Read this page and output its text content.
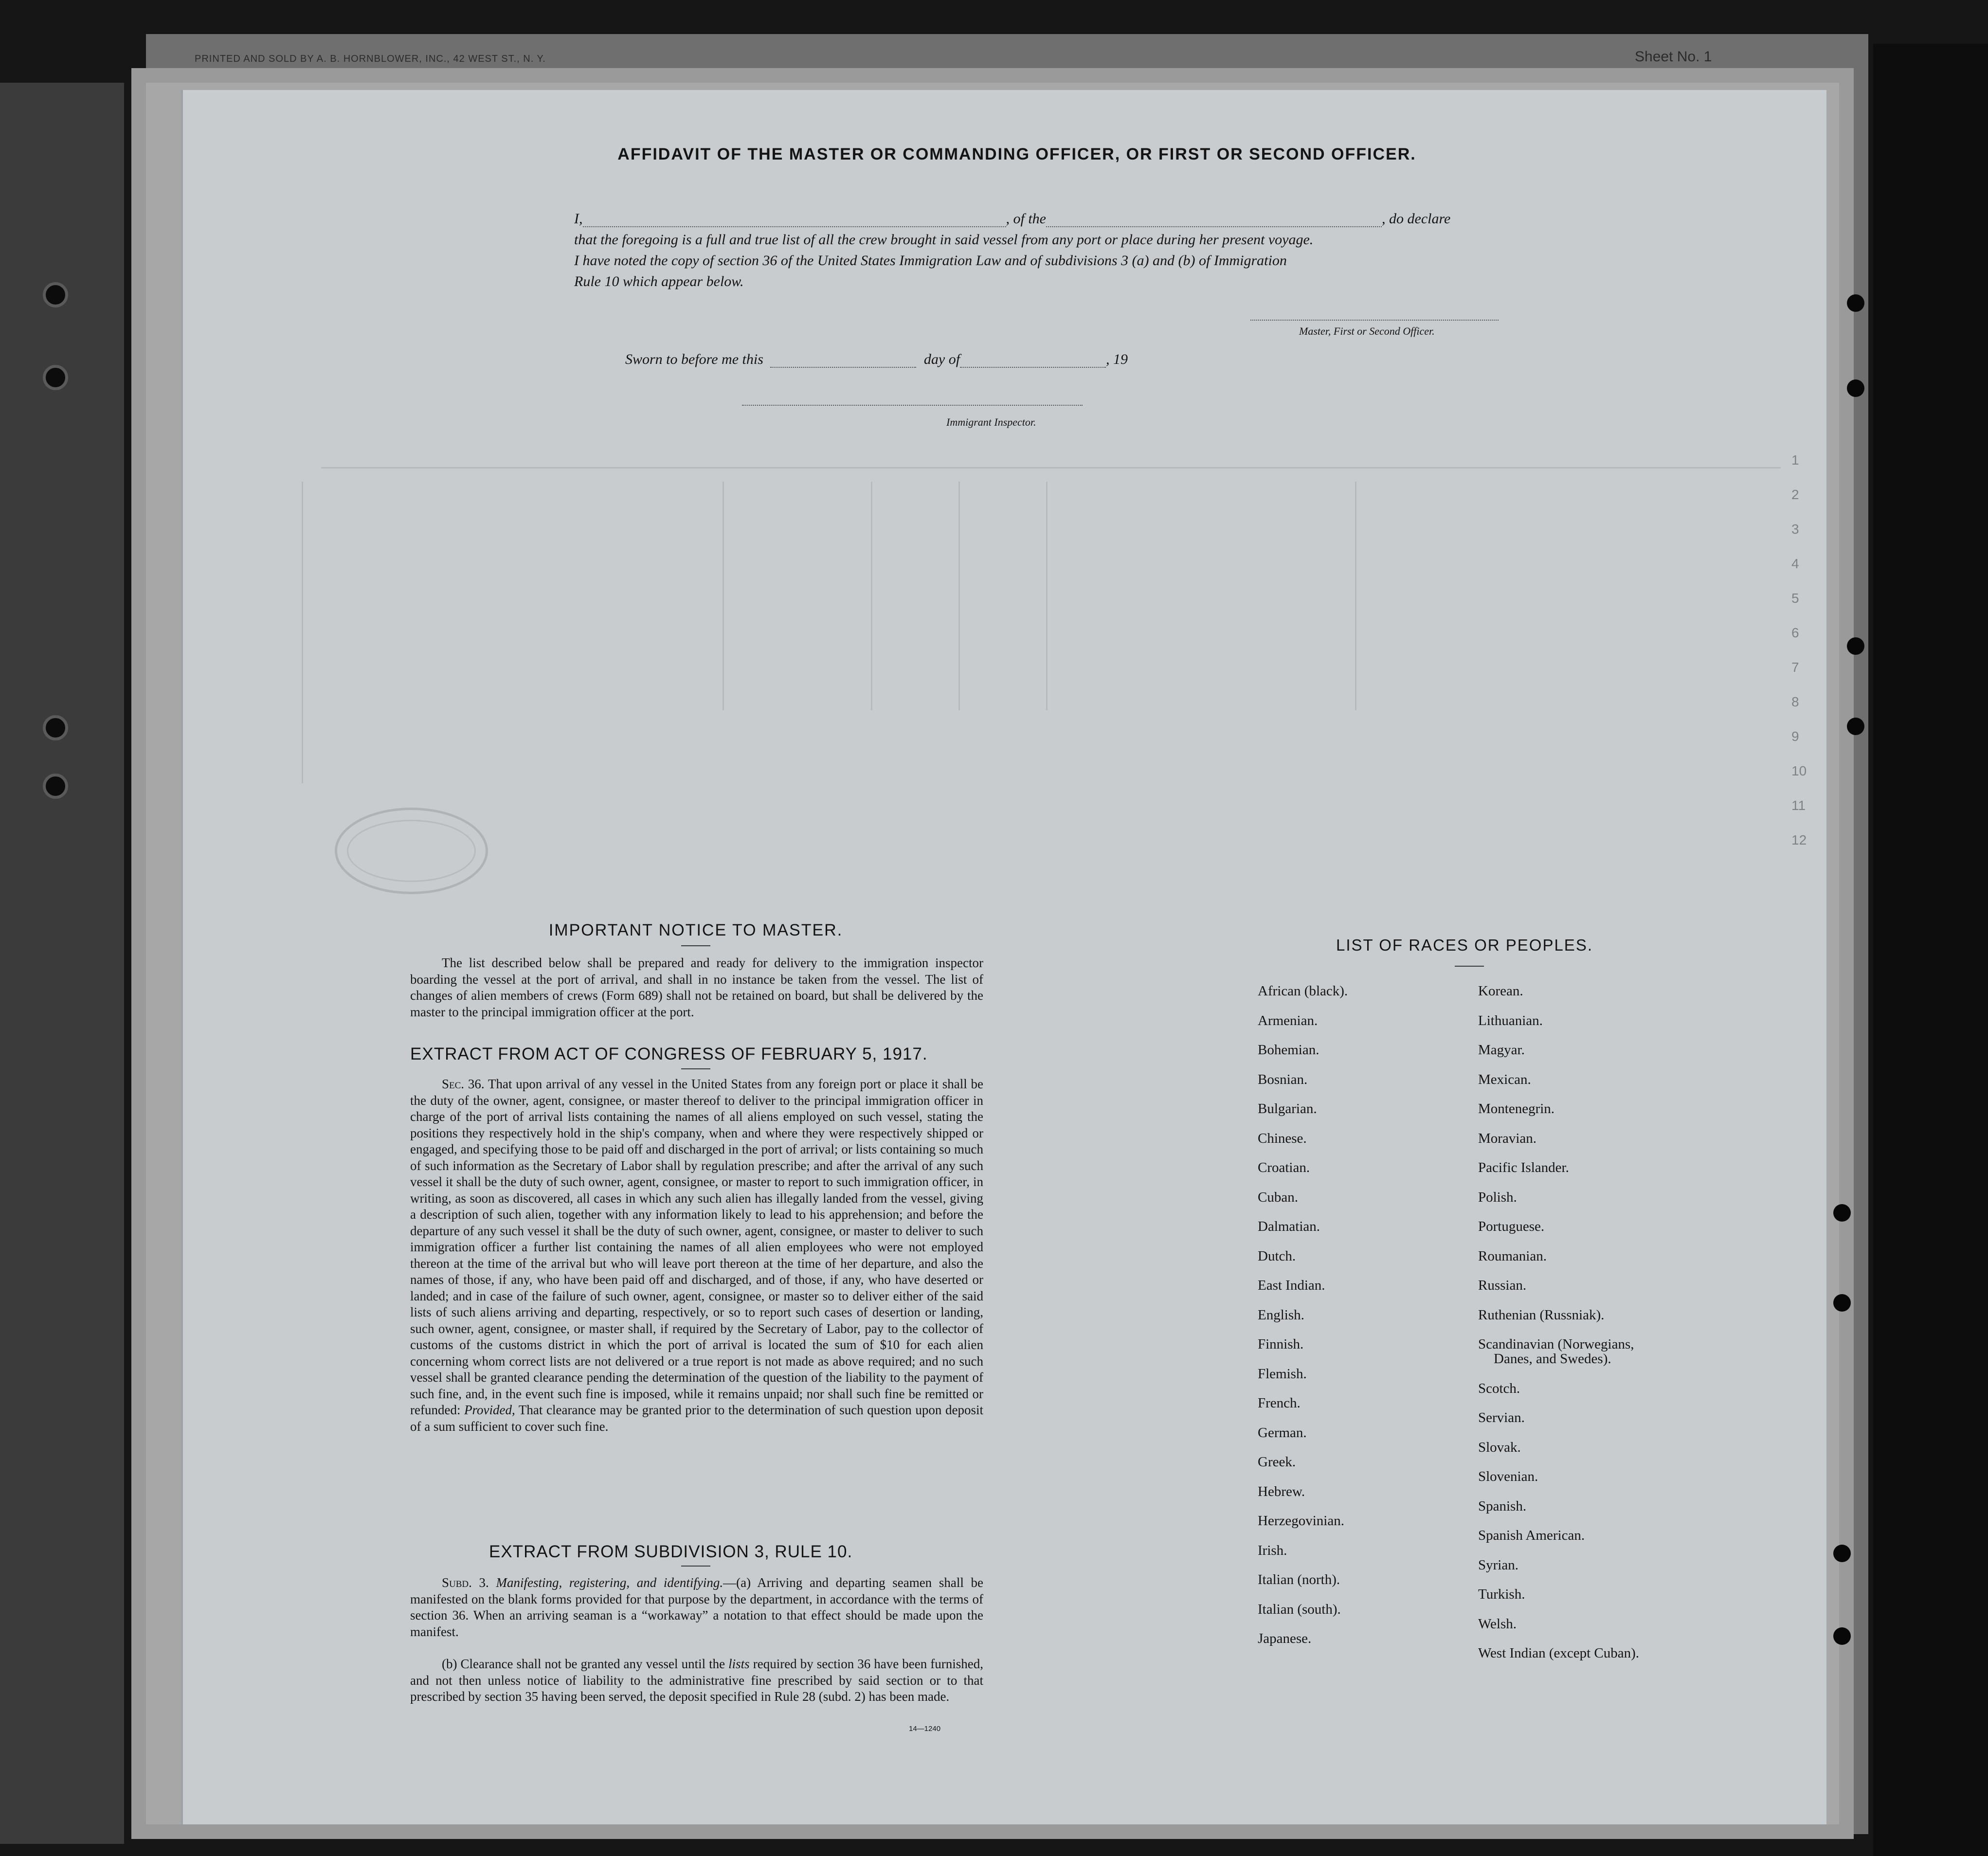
PRINTED AND SOLD BY A. B. HORNBLOWER, INC., 42 WEST ST., N. Y.	Sheet No. 1
1
2
3
4
5
6
7
8
9
10
11
12
AFFIDAVIT OF THE MASTER OR COMMANDING OFFICER, OR FIRST OR SECOND OFFICER.
I,	, of the	, do declare
that the foregoing is a full and true list of all the crew brought in said vessel from any port or place during her present voyage.
I have noted the copy of section 36 of the United States Immigration Law and of subdivisions 3 (a) and (b) of Immigration
Rule 10 which appear below.
Master, First or Second Officer.
Sworn to before me this	day of	, 19
Immigrant Inspector.
IMPORTANT NOTICE TO MASTER.
The list described below shall be prepared and ready for delivery to the immigration inspector boarding the vessel at the port of arrival, and shall in no instance be taken from the vessel. The list of changes of alien members of crews (Form 689) shall not be retained on board, but shall be delivered by the master to the principal immigration officer at the port.
EXTRACT FROM ACT OF CONGRESS OF FEBRUARY 5, 1917.
Sec. 36. That upon arrival of any vessel in the United States from any foreign port or place it shall be the duty of the owner, agent, consignee, or master thereof to deliver to the principal immigration officer in charge of the port of arrival lists containing the names of all aliens employed on such vessel, stating the positions they respectively hold in the ship's company, when and where they were respectively shipped or engaged, and specifying those to be paid off and discharged in the port of arrival; or lists containing so much of such information as the Secretary of Labor shall by regulation prescribe; and after the arrival of any such vessel it shall be the duty of such owner, agent, consignee, or master to report to such immigration officer, in writing, as soon as discovered, all cases in which any such alien has illegally landed from the vessel, giving a description of such alien, together with any information likely to lead to his apprehension; and before the departure of any such vessel it shall be the duty of such owner, agent, consignee, or master to deliver to such immigration officer a further list containing the names of all alien employees who were not employed thereon at the time of the arrival but who will leave port thereon at the time of her departure, and also the names of those, if any, who have been paid off and discharged, and of those, if any, who have deserted or landed; and in case of the failure of such owner, agent, consignee, or master so to deliver either of the said lists of such aliens arriving and departing, respectively, or so to report such cases of desertion or landing, such owner, agent, consignee, or master shall, if required by the Secretary of Labor, pay to the collector of customs of the customs district in which the port of arrival is located the sum of $10 for each alien concerning whom correct lists are not delivered or a true report is not made as above required; and no such vessel shall be granted clearance pending the determination of the question of the liability to the payment of such fine, and, in the event such fine is imposed, while it remains unpaid; nor shall such fine be remitted or refunded: Provided, That clearance may be granted prior to the determination of such question upon deposit of a sum sufficient to cover such fine.
EXTRACT FROM SUBDIVISION 3, RULE 10.
Subd. 3. Manifesting, registering, and identifying.—(a) Arriving and departing seamen shall be manifested on the blank forms provided for that purpose by the department, in accordance with the terms of section 36. When an arriving seaman is a “workaway” a notation to that effect should be made upon the manifest.
(b) Clearance shall not be granted any vessel until the lists required by section 36 have been furnished, and not then unless notice of liability to the administrative fine prescribed by said section or to that prescribed by section 35 having been served, the deposit specified in Rule 28 (subd. 2) has been made.
14—1240
LIST OF RACES OR PEOPLES.
African (black).
Armenian.
Bohemian.
Bosnian.
Bulgarian.
Chinese.
Croatian.
Cuban.
Dalmatian.
Dutch.
East Indian.
English.
Finnish.
Flemish.
French.
German.
Greek.
Hebrew.
Herzegovinian.
Irish.
Italian (north).
Italian (south).
Japanese.
Korean.
Lithuanian.
Magyar.
Mexican.
Montenegrin.
Moravian.
Pacific Islander.
Polish.
Portuguese.
Roumanian.
Russian.
Ruthenian (Russniak).
Scandinavian (Norwegians,
Danes, and Swedes).
Scotch.
Servian.
Slovak.
Slovenian.
Spanish.
Spanish American.
Syrian.
Turkish.
Welsh.
West Indian (except Cuban).
